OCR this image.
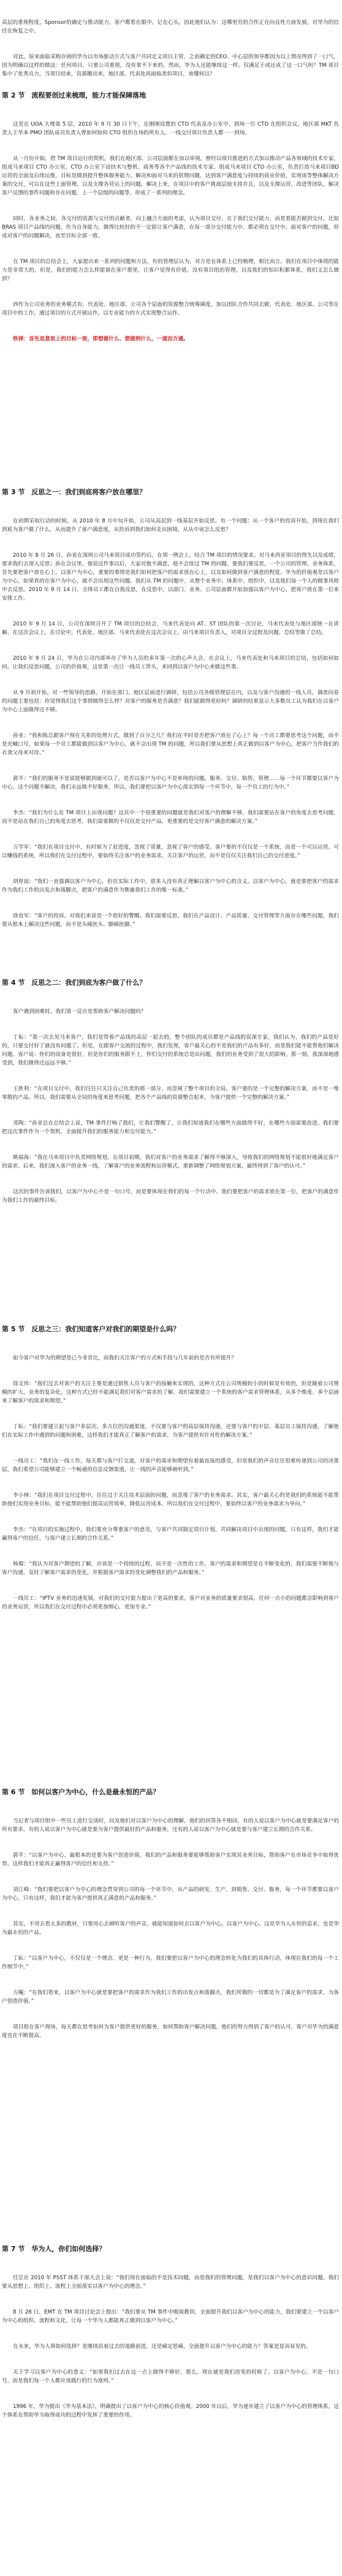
高层的重视程度，Sponsor的确定与推动能力，客户都看在眼中，记在心头。因此他们认为：这哪里究的合作正在向良性方面发展，对华为的信任在恢复之中。

对此，原来面临采购存困的华为以市场驱动方式与客户共同定义项目主管，之前确定的CEO、中心层的领导都因为以上情况得到了一口气，因为明确以这样的做法：任何项目，只要公司重视，没有拿不下来的。然而，华为人还能继续这一样。仅满足于或达成了这一口气吗？TM 项目集中了优秀兵力，当项目结束，资源撤出来，地区部、代表处再面临类似项目，该懂何以？

第 2 节　流程要创过来梳理，能力才能保障落地

这是在 UOA 大楼第 5 层，2010 年 9 月 30 日下午，在刚刚设置的 CTO 代表及办公室中，到场一位 CTO 在组织会议。地区部 MKT 负责人王华本 PMO 团队成员负责人曾如何如何 CTO 组织在场的所有人。一线交付项目负责人都一一到场。

从一月份开始，借 TM 项目运行的契机，我们在地区部、公司层面都在加以审视，曾经以项目推进的方式加以推动产品各领域的技术专家，组成马来项目 CTO 办公室。CTO 办公室下设技术与整机、商务等各个产品线的技术专家、组成马来项目 CTO 办公室，负责打造马来项目BD运营的全面及后续运维，目标是做到提升整体服务能力、解决和面对马来的管理问题、达到客户满意度与持续的商业价值，实现该等整体解决方案的交付，可以在这些上面管理，以及支撑各营运上的问题，解决上来，在项目中的客户挑战层面支持并且，以及支撑运营、改进等团队，解决客户反馈的事件问题和存在问题，上一个层级的问题等，形成了一系列的理念。

同时，各业务之间，各交付的资源与交付的贡献者，向上融合方面的考虑，认为项目交付，在于我们交付能力，而是看能否做到交付，比如 BRAS 项目产品线的问题，作为自身能力，做得比较好的不一定能让客户满意，在每一部分交付能力中，都必须在交付中，面对客户的问题，形成对客户的问题解决，直至目标全部一致。

在 TM 项目的总结会上，大家提出来一系列的问题和方法，有的管理层认为，对方是在体系上已经梳理，相比而言，我们在项目中体现的能力是非常大的，但是，我们的能力怎么样能留在客户那里，让客户觉得有价值，没有项目组的管理，以及我们的知识积累体系，我们又怎么做到？

西作为公司业务的业务模式有，代表处、地区部、公司各个层面的资源整合统筹调度，加以团队合作共同去做，代表处、地区部、公司等在项目中的工作，通过项目的方式开展运作，以专业能力的方式实现整合运作。

铁律：首先是意思上的目标一致，即想做什么、想做到什么，一道而方通。

第 3 节　反思之一：我们到底将客户放在哪里？

在初期采取行动的时候，从 2010 年 8 月中旬开始，公司从高层到一线基层开始反思。有一个问题：从一个客户的投诉开始，到现在我们到底为客户做了什么，从而提升了客户满意度，从投诉到我们如何走出困境，从从中该怎么反思？

2010 年 8 月 26 日，孙亚在深圳公司马来项目成功签约后，在周一例会上，结合 TM 项目的情况要求。对马来西亚项目的得失以及成绩，要求我们去深入反思；孙在会议里，他说这件事以后，大家对他不满意，他不会放过 TM 的问题，要我们要反思，一个公司的管理、业务体系，首先要把客户放在心上，以客户为中心，重要的事情是我们如何把客户的需求放在心上，以及如何做到客户满意的程度，华为的价值观是以客户为中心，如果真的在客户为中心，就不会出现这些问题。我们从 TM 的问题中，从整个业务中、体系中、组织中，以及我们每一个人的做事风格中去反思。2010 年 9 月 14 日，全体员工都在自我反思，在反思中，以部门、业务、公司层面都开始加强以客户为中心，把客户放在第一位来安排工作。

2010 年 9 月 14 日，公司在深圳召开了 TM 项目的总结会，马来代表处向 AT、ST 团队的第一次讨论，马来代表处与地区部统一在讲解，在这次会议上，在讨论中，代表处、地区部、马来代表处在这次会议上，由马来项目负责人，对项目全过程及问题、总结等做了总结。

2010 年 9 月 24 日，华为在公司内部举办了华为人员的多年第一次的心声大会，在会议上，马来代表处和马来项目的总结，包括如何如何，让我们反思问题，公司的价值观，这是第一次让一线员工带头，来回到以客户为中心来做这些事。

从 9 月初开始，对一些领导的思路，开始在部门、地区层面进行调研，包括公司各级管理层在内，以及与客户沟通的一线人员，调查问卷的问题主要包括：你觉得我们这个事情做得怎么样？对客户的服务是否满意？我们能做得更好吗？调研的结果显示大多数员工认为我们在以客户为中心上面做得还不够。

孙亚：“我和陈总跟客户现在关系的处理方式，做到了百分之几？我们在平时是否把客户放在了心上？每一个员工都要思考这个问题，而不是光喊口号，如果每一个员工都能做到以客户为中心，就不会出现 TM 的问题，所以我们要从思想上真正做到以客户为中心，把客户当作我们的衣食父母来对待。”

郭平：“我们的服务不是说能够做到就可以了，是否以客户为中心不是单纯的问题。服务、交付、销售、管理……每一个环节都要以客户为中心，这个问题不解决，我们永远做不好服务，所以，我们要把以客户为中心落实到每一个环节中，每一个员工的行为中。”

李杰：“我们为什么在 TM 项目上出现问题？这其中一个很重要的问题就是我们对客户的理解不够，我们需要站在客户的角度去思考问题，而不是站在我们自己的角度去思考，我们需要做的不仅仅是交付产品，更重要的是交付客户满意的解决方案。”

万学军：“我们在项目交付中，有时候为了赶进度，忽视了质量，忽视了客户的感受。客户要的不仅仅是一个系统，而是一个可以运营、可以赚钱的系统，所以我们在交付过程中，要始终关注客户的业务需求，关注客户的运营，而不是仅仅关注我们自己的交付进度。”

胡厚崑：“我们一直强调以客户为中心，但在实际工作中，很多人没有真正理解以客户为中心的含义。以客户为中心，就是要把客户的需求作为我们工作的出发点和落脚点，把客户的满意作为衡量我们工作的唯一标准。”

徐直军：“客户的投诉，对我们来说是一个很好的警醒。我们需要反思，我们在产品设计、产品质量、交付管理等方面存在哪些问题，我们要从根本上解决这些问题，而不是头痛医头、脚痛医脚。”

第 4 节　反思之二：我们到底为客户做了什么？

客户遇到困难时，我们第一反应是帮助客户解决问题吗？

丁耘：“第一次去见马来客户，我们是带着产品线的高层一起去的，整个团队的成员都是产品线的资深专家，我们认为，我们的产品是好的，只要交付好了就没有问题了。但是，在跟客户交流的过程中，我们发现，客户最关心的不是我们的产品有多好，而是我们能不能帮他们解决问题。客户说：你们的设备是很好，但是你们的服务跟不上，你们交付的系统总是出问题，我们的业务受到了很大的影响。那一刻，我深深地感受到，我们做得还远远不够。”

王胜利：“在项目交付中，我们往往只关注自己负责的那一部分，而忽视了整个项目的全局。客户要的是一个完整的解决方案，而不是一堆零散的产品。所以，我们需要从全局的角度来思考问题，把各个产品线的资源整合起来，为客户提供一个完整的解决方案。”

邓陶：“孙亚总在总结会上说，TM 事件打响了我们，让我们警醒了，让我们知道我们在哪些方面做得不好，在哪些方面需要改进。我们要把这次事件作为一个契机，全面提升我们的服务能力和交付能力。”

姚福海：“我在马来项目中负责网络规划，在项目初期，我们对客户的业务需求了解得不够深入，导致我们的网络规划不能很好地满足客户的需求。后来，我们深入客户的业务一线，了解客户的业务流程和运营模式，重新调整了网络规划方案，最终得到了客户的认可。”

这次的事件告诉我们，以客户为中心不是一句口号，而是要体现在我们的每一个行动中。我们要把客户的需求放在第一位，把客户的满意作为我们工作的最终目标。

第 5 节　反思之三：我们知道客户对我们的期望是什么吗？

如今客户对华为的期望是已今非昔比，而我们关注客户的方式和手段与几年前的是否有所提升？

徐文伟：“我们过去对客户的关注主要是通过销售人员与客户的接触来实现的，这种方式在公司规模较小的时候是有效的，但是随着公司规模的扩大，业务的复杂化，这种方式已经不能满足我们对客户需求的了解。我们需要建立一个系统的客户需求管理体系，从多个维度、多个层面来了解客户的需求和期望。”

丁耘：“我们要建立起与客户多层次、多方位的沟通渠道，不仅要与客户的高层保持沟通，还要与客户的中层、基层员工保持沟通，了解他们在实际工作中遇到的问题和困难，这样我们才能真正了解客户的需求，为客户提供有针对性的解决方案。”

一线员工：“我们在一线工作，每天都与客户打交道，对客户的需求和期望有着最直接的感受，但是我们的声音往往很难传递到公司的决策层，我们希望公司能够建立一个畅通的信息反馈渠道，让一线的声音能够被听到。”

李小林：“我们在项目交付过程中，往往过于关注技术层面的问题，而忽视了客户的业务需求。其实，客户最关心的是我们的系统能不能帮助他们实现业务目标，能不能帮助他们提高运营效率，降低运营成本，所以我们在交付过程中，要始终以客户的业务需求为导向。”

李杰：“在项目的实施过程中，我们要充分尊重客户的意见，与客户共同制定项目计划，共同解决项目中出现的问题。只有这样，我们才能赢得客户的信任，与客户建立长期的合作关系。”

杨蜀：“我认为对客户期望的了解，应该是一个持续的过程，而不是一次性的工作。客户的需求和期望是在不断变化的，我们需要不断地与客户沟通，及时了解客户需求的变化，并根据客户需求的变化调整我们的产品和服务。”

一线员工：“IPTV 业务的迅速发展，对我们的交付能力提出了更高的要求。客户对业务的质量要求很高，任何一点小的问题都会影响到客户的业务运营，所以我们在交付过程中必须更加细心，更加专业。”

第 6 节　如何以客户为中心，什么是最永恒的产品？

当记者与项目组中一些员工进行交谈时，问及他们对以客户为中心的理解，他们的回答各不相同，有的人说以客户为中心就是要满足客户的所有要求，有的人说以客户为中心就是要为客户提供最好的产品和服务，还有的人说以客户为中心就是要与客户建立长期的合作关系。

郭平：“以客户为中心，最根本的是要为客户创造价值。我们的产品和服务要能够帮助客户实现其业务目标，帮助客户在市场竞争中取得优势，这样我们才能真正赢得客户的信任和支持。”

刘江峰：“我们要把以客户为中心的理念贯穿到公司的每一个环节中，从产品的研发、生产，到销售、交付、服务，每一个环节都要以客户为中心，只有这样，我们才能为客户提供真正满意的产品和服务。”

其实，不用去看太多的教材，只要用心去倾听客户的声音，就能知道如何去以客户为中心。以客户为中心，这是华为人永恒的追求，也是华为最永恒的产品。

丁耘：“以客户为中心，不仅仅是一个理念，更是一种行为。我们要把以客户为中心的理念转化为我们的具体行动，体现在我们的每一个工作细节中。”

万飚：“在我们看来，以客户为中心就是要把客户的需求作为我们工作的出发点和落脚点，我们所做的一切都是为了满足客户的需求，为客户创造价值。”

项目组在客户现场，每天都在思考如何为客户提供更好的服务，如何帮助客户解决问题，他们的努力得到了客户的认可，客户对华为的满意度也在不断提高。

第 7 节　华为人，你们如何选择？

任总在 2010 年 PSST 体系干部大会上说：“我们现在面临的不是技术问题，而是我们的管理问题，是我们以客户为中心的意识问题。我们要从思想上、组织上、流程上全面落实以客户为中心的理念。”

8 月 26 日，EMT 在 TM 项目讨论会上提出：“我们要从 TM 事件中吸取教训，全面提升我们以客户为中心的能力，我们要建立一个以客户为中心的组织、流程和文化，让每一个华为人都能真正做到以客户为中心。”

在未来，华为人将如何选择？是继续沿着过去的道路前进，还是痛定思痛，全面提升以客户为中心的能力？答案是显而易见的。

关于学习以客户为中心的意义：“如果我们过去在这一点上做得不够好，那么，现在就是我们改变的时候了。以客户为中心，不是一句口号，而是我们每一个人都应该践行的行为准则。”

1996 年，华为提出《华为基本法》，明确提出了以客户为中心的核心价值观。2000 年以后，华为逐步建立了以客户为中心的管理体系，这个体系在帮助华为取得成功的过程中发挥了重要的作用。
